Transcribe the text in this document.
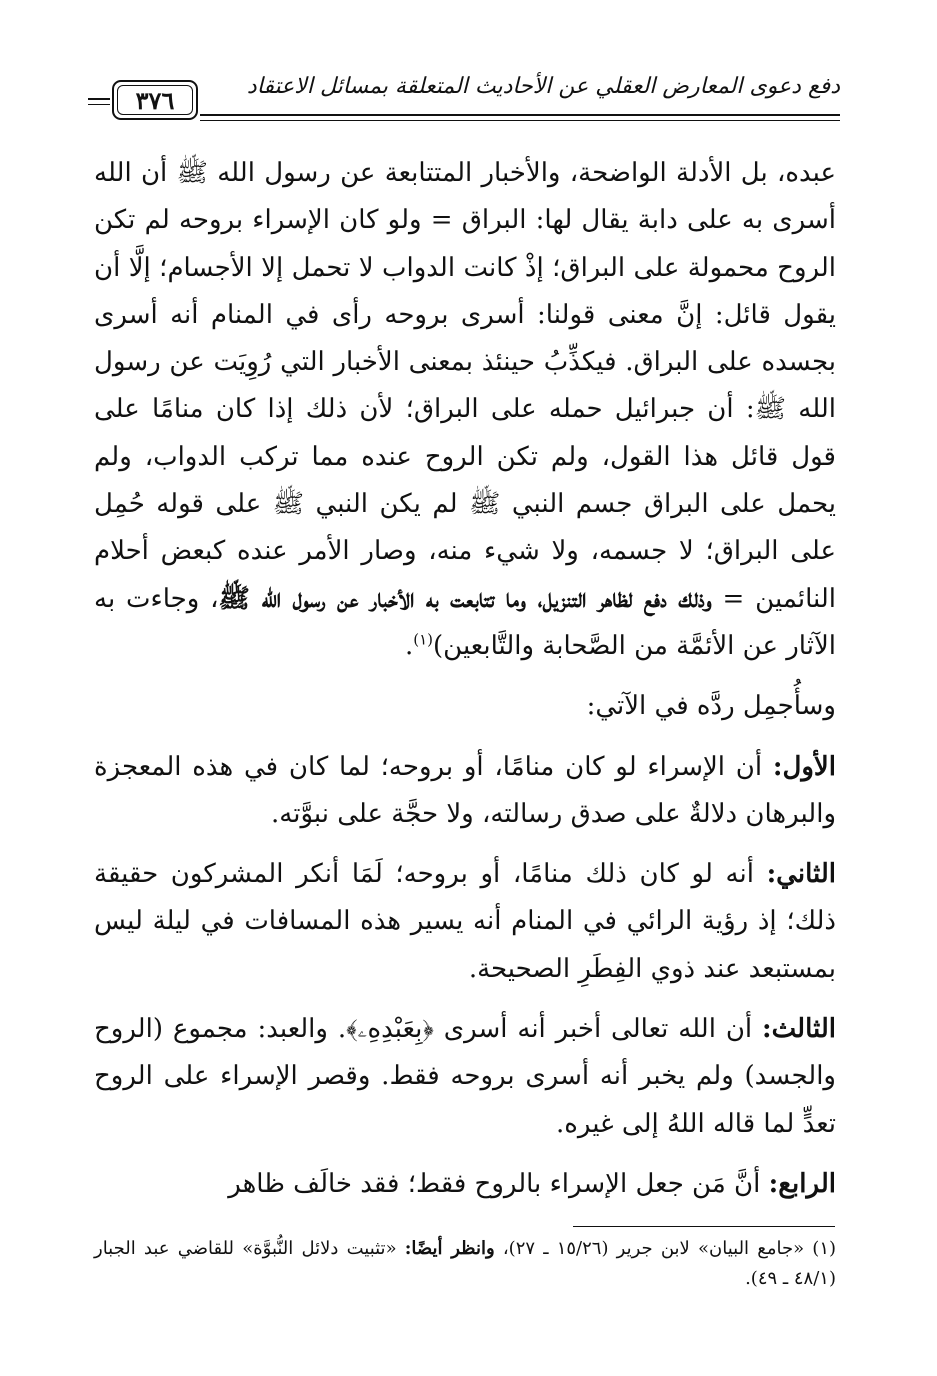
دفع دعوى المعارض العقلي عن الأحاديث المتعلقة بمسائل الاعتقاد
٣٧٦

عبده، بل الأدلة الواضحة، والأخبار المتتابعة عن رسول الله ﷺ أن الله أسرى به على دابة يقال لها: البراق = ولو كان الإسراء بروحه لم تكن الروح محمولة على البراق؛ إذْ كانت الدواب لا تحمل إلا الأجسام؛ إلَّا أن يقول قائل: إنَّ معنى قولنا: أسرى بروحه رأى في المنام أنه أسرى بجسده على البراق. فيكذِّبُ حينئذ بمعنى الأخبار التي رُوِيَت عن رسول الله ﷺ: أن جبرائيل حمله على البراق؛ لأن ذلك إذا كان منامًا على قول قائل هذا القول، ولم تكن الروح عنده مما تركب الدواب، ولم يحمل على البراق جسم النبي ﷺ لم يكن النبي ﷺ على قوله حُمِل على البراق؛ لا جسمه، ولا شيء منه، وصار الأمر عنده كبعض أحلام النائمين = وذلك دفع لظاهر التنزيل، وما تتابعت به الأخبار عن رسول الله ﷺ، وجاءت به الآثار عن الأئمَّة من الصَّحابة والتَّابعين)$^{(١)}$.

وسأُجمِل ردَّه في الآتي:

الأول: أن الإسراء لو كان منامًا، أو بروحه؛ لما كان في هذه المعجزة والبرهان دلالةٌ على صدق رسالته، ولا حجَّة على نبوَّته.

الثاني: أنه لو كان ذلك منامًا، أو بروحه؛ لَمَا أنكر المشركون حقيقة ذلك؛ إذ رؤية الرائي في المنام أنه يسير هذه المسافات في ليلة ليس بمستبعد عند ذوي الفِطَرِ الصحيحة.

الثالث: أن الله تعالى أخبر أنه أسرى ﴿بِعَبْدِهِۦ﴾. والعبد: مجموع (الروح والجسد) ولم يخبر أنه أسرى بروحه فقط. وقصر الإسراء على الروح تعدٍّ لما قاله اللهُ إلى غيره.

الرابع: أنَّ مَن جعل الإسراء بالروح فقط؛ فقد خالَف ظاهر

(١) «جامع البيان» لابن جرير (١٥/٢٦ ـ ٢٧)، وانظر أيضًا: «تثبيت دلائل النُّبوَّة» للقاضي عبد الجبار (٤٨/١ ـ ٤٩).
